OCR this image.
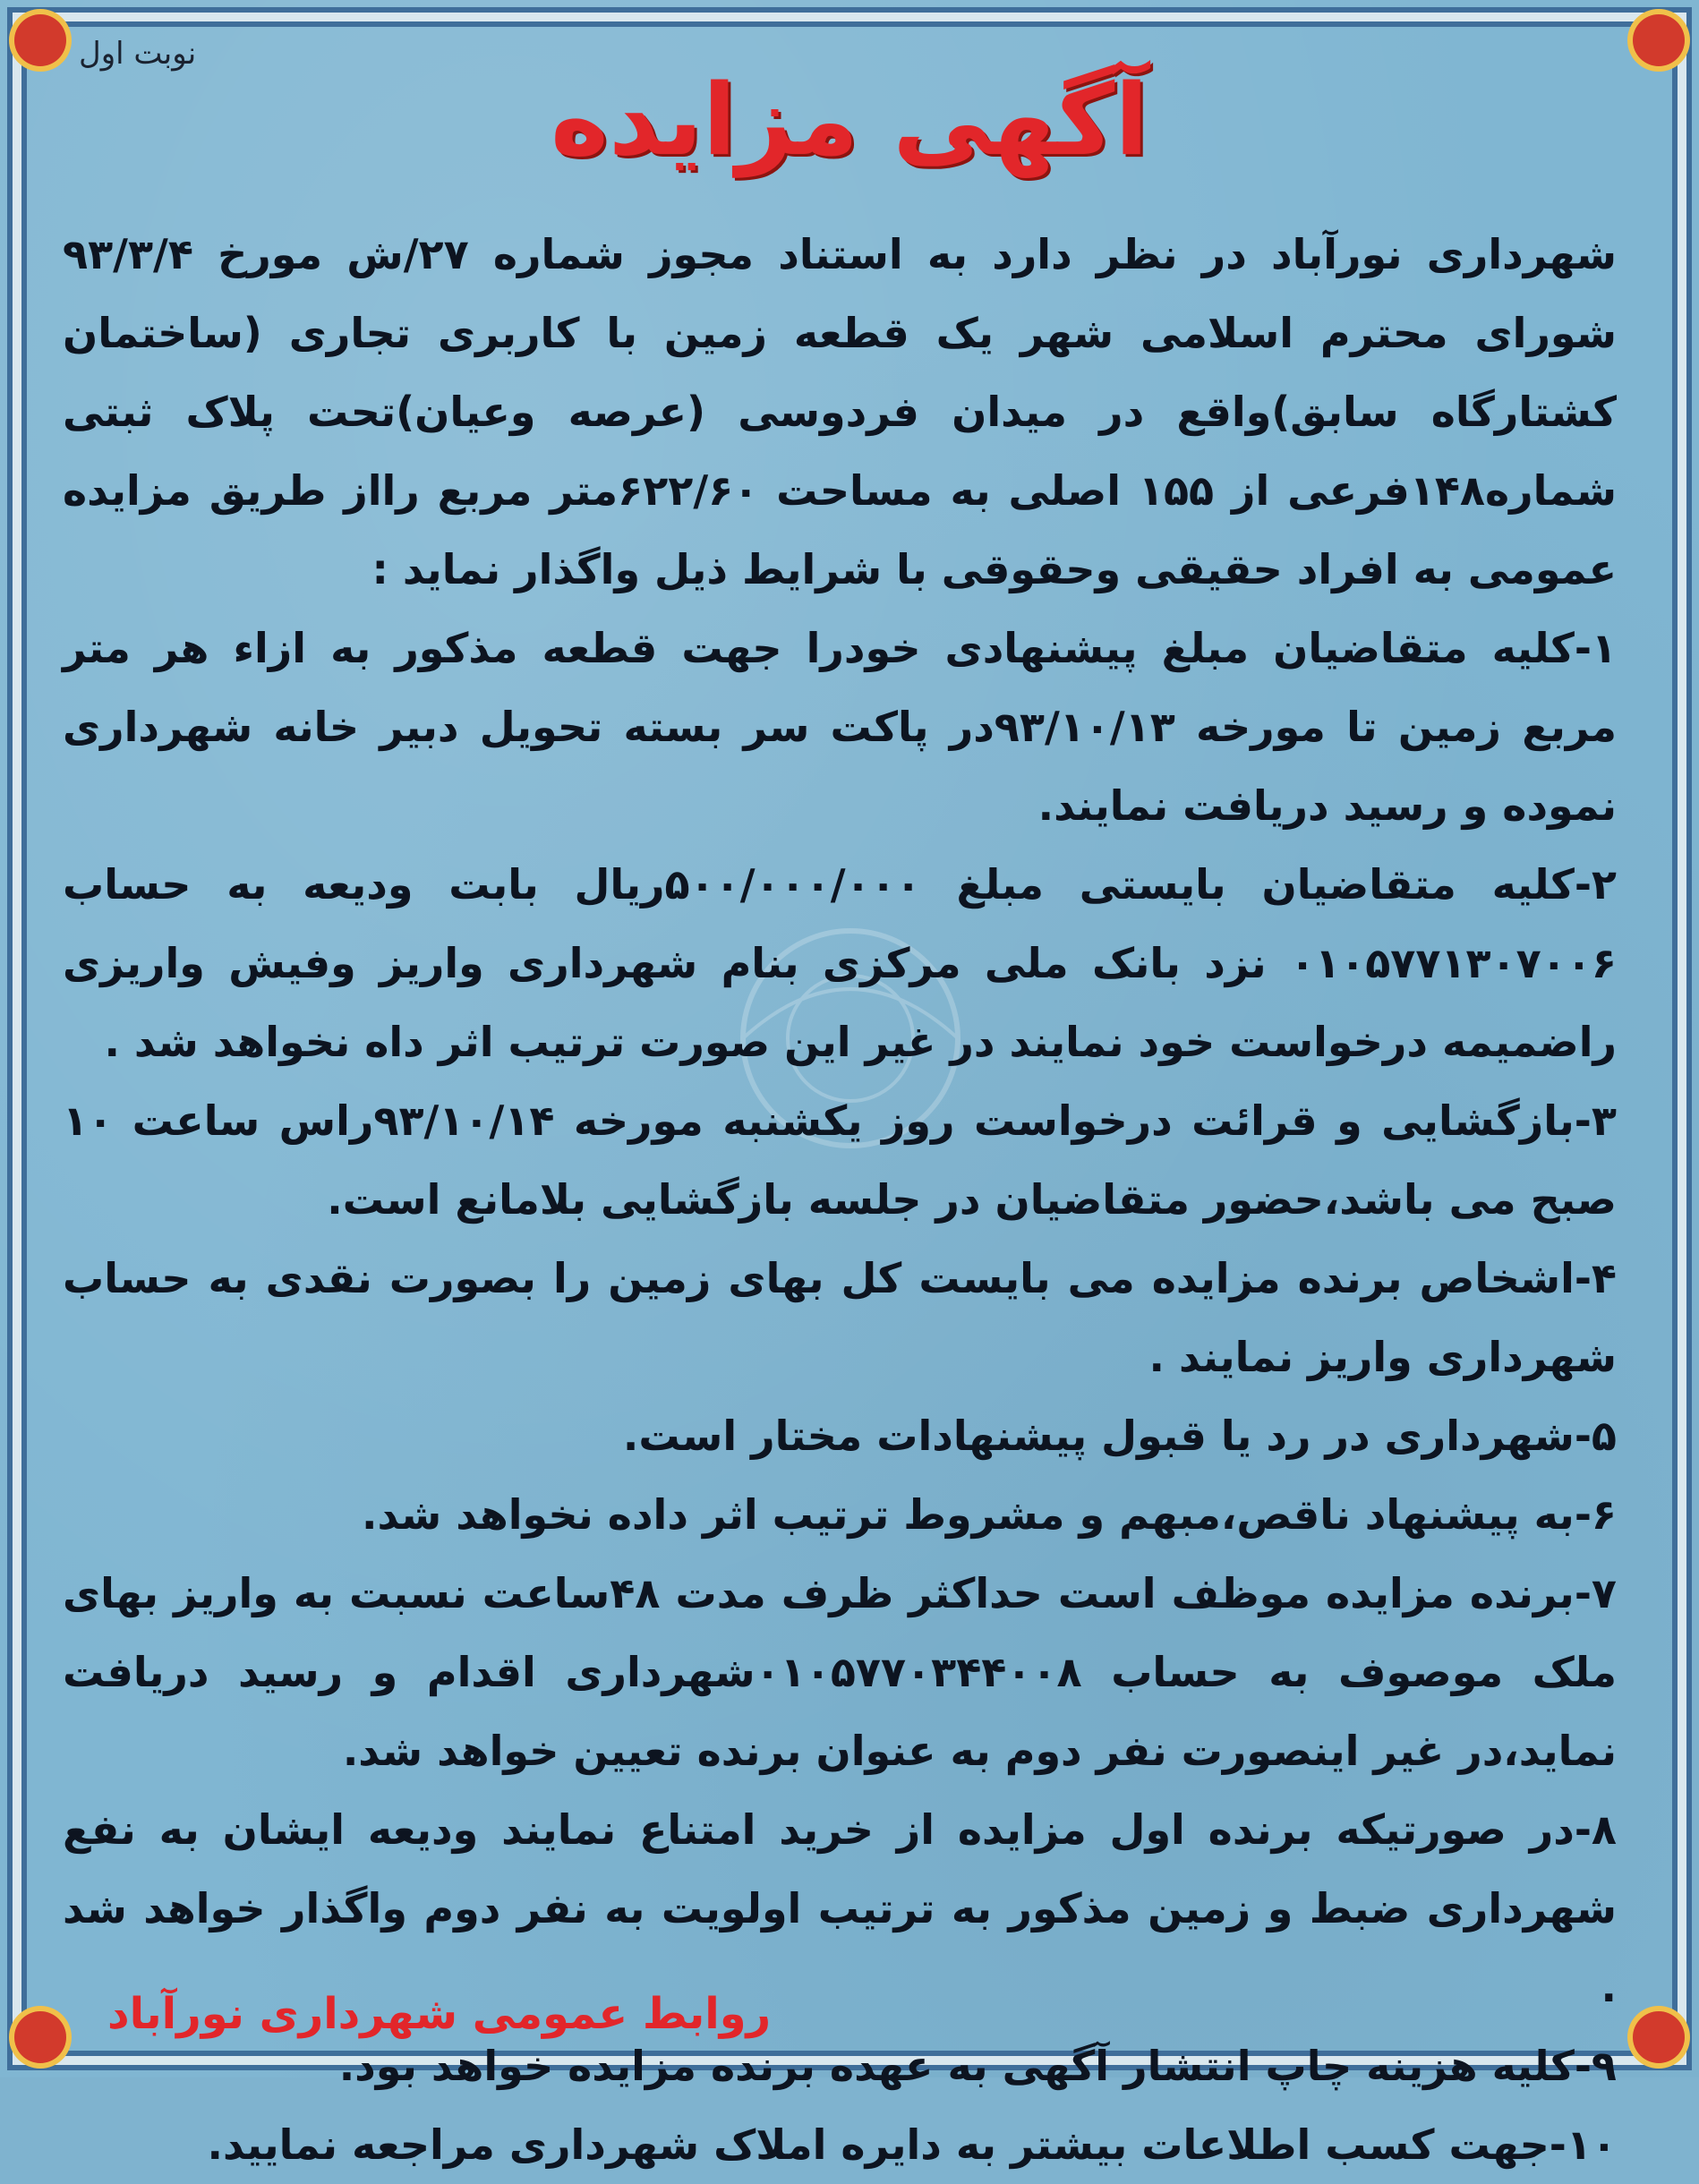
نوبت اول
آگهی مزایده

شهرداری نورآباد در نظر دارد به استناد مجوز شماره ۲۷/ش مورخ ۹۳/۳/۴ شورای محترم اسلامی شهر یک قطعه زمین با کاربری تجاری (ساختمان کشتارگاه سابق)واقع در میدان فردوسی (عرصه وعیان)تحت پلاک ثبتی شماره۱۴۸فرعی از ۱۵۵ اصلی به مساحت ۶۲۲/۶۰متر مربع رااز طریق مزایده عمومی به افراد حقیقی وحقوقی با شرایط ذیل واگذار نماید :

۱-کلیه متقاضیان مبلغ پیشنهادی خودرا جهت قطعه مذکور به ازاء هر متر مربع زمین تا مورخه ۹۳/۱۰/۱۳در پاکت سر بسته تحویل دبیر خانه شهرداری نموده و رسید دریافت نمایند.

۲-کلیه متقاضیان بایستی مبلغ ۵۰۰/۰۰۰/۰۰۰ریال بابت ودیعه به حساب ۰۱۰۵۷۷۱۳۰۷۰۰۶ نزد بانک ملی مرکزی بنام شهرداری واریز وفیش واریزی راضمیمه درخواست خود نمایند در غیر این صورت ترتیب اثر داه نخواهد شد .

۳-بازگشایی و قرائت درخواست روز یکشنبه مورخه ۹۳/۱۰/۱۴راس ساعت ۱۰ صبح می باشد،حضور متقاضیان در جلسه بازگشایی بلامانع است.

۴-اشخاص برنده مزایده می بایست کل بهای زمین را بصورت نقدی به حساب شهرداری واریز نمایند .

۵-شهرداری در رد یا قبول پیشنهادات مختار است.

۶-به پیشنهاد ناقص،مبهم و مشروط ترتیب اثر داده نخواهد شد.

۷-برنده مزایده موظف است حداکثر ظرف مدت ۴۸ساعت نسبت به واریز بهای ملک موصوف به حساب ۰۱۰۵۷۷۰۳۴۴۰۰۸شهرداری اقدام و رسید دریافت نماید،در غیر اینصورت نفر دوم به عنوان برنده تعیین خواهد شد.

۸-در صورتیکه برنده اول مزایده از خرید امتناع نمایند ودیعه ایشان به نفع شهرداری ضبط و زمین مذکور به ترتیب اولویت به نفر دوم واگذار خواهد شد .

۹-کلیه هزینه چاپ انتشار آگهی به عهده برنده مزایده خواهد بود.

۱۰-جهت کسب اطلاعات بیشتر به دایره املاک شهرداری مراجعه نمایید.

روابط عمومی شهرداری نورآباد
